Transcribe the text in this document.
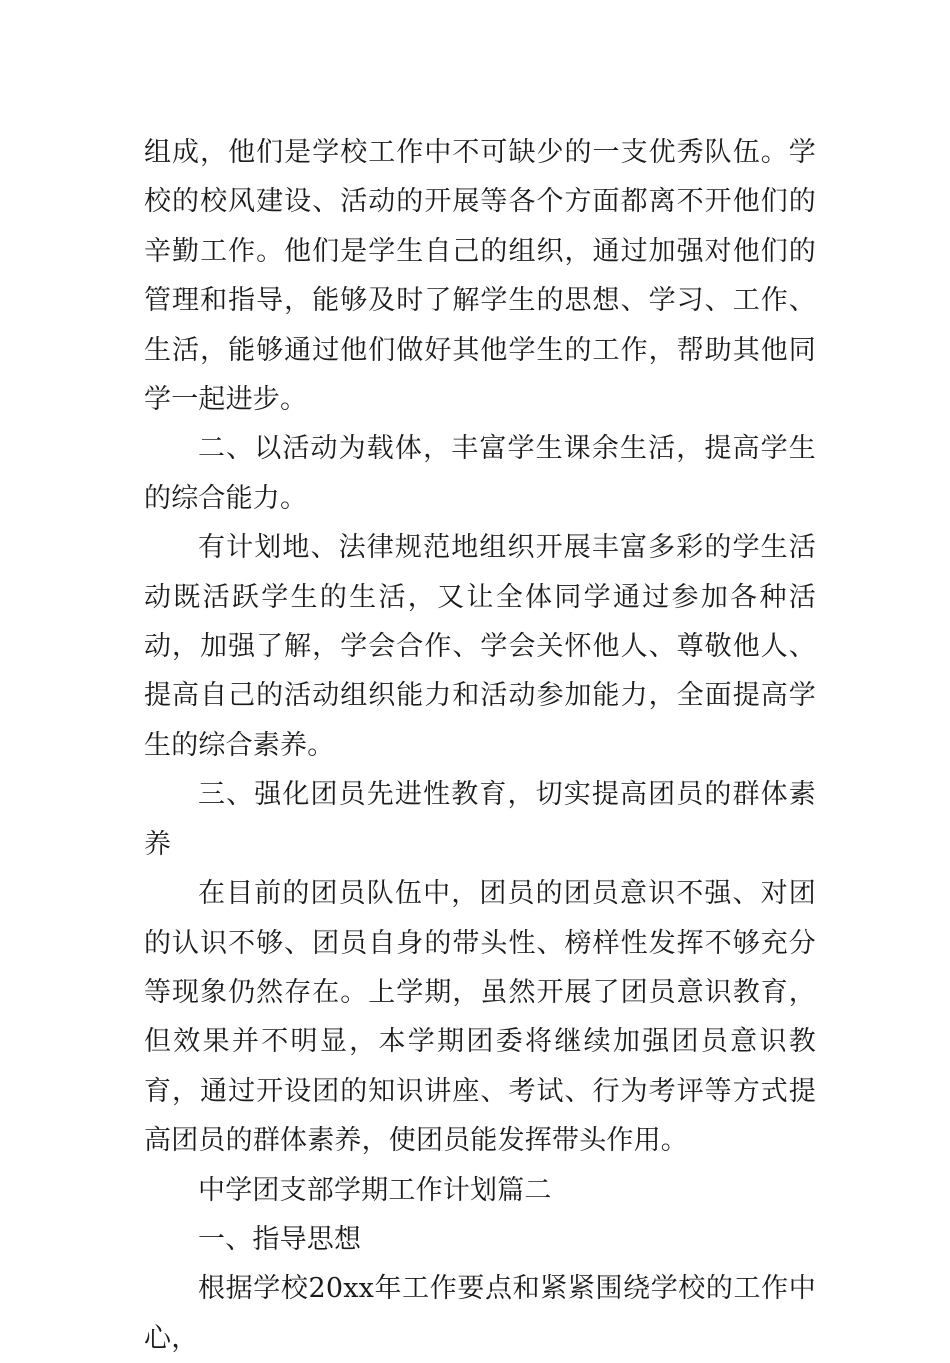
组成，他们是学校工作中不可缺少的一支优秀队伍。学校的校风建设、活动的开展等各个方面都离不开他们的辛勤工作。他们是学生自己的组织，通过加强对他们的管理和指导，能够及时了解学生的思想、学习、工作、生活，能够通过他们做好其他学生的工作，帮助其他同学一起进步。

二、以活动为载体，丰富学生课余生活，提高学生的综合能力。

有计划地、法律规范地组织开展丰富多彩的学生活动既活跃学生的生活，又让全体同学通过参加各种活动，加强了解，学会合作、学会关怀他人、尊敬他人、提高自己的活动组织能力和活动参加能力，全面提高学生的综合素养。

三、强化团员先进性教育，切实提高团员的群体素养

在目前的团员队伍中，团员的团员意识不强、对团的认识不够、团员自身的带头性、榜样性发挥不够充分等现象仍然存在。上学期，虽然开展了团员意识教育，但效果并不明显，本学期团委将继续加强团员意识教育，通过开设团的知识讲座、考试、行为考评等方式提高团员的群体素养，使团员能发挥带头作用。

中学团支部学期工作计划篇二

一、指导思想

根据学校20xx年工作要点和紧紧围绕学校的工作中心，
